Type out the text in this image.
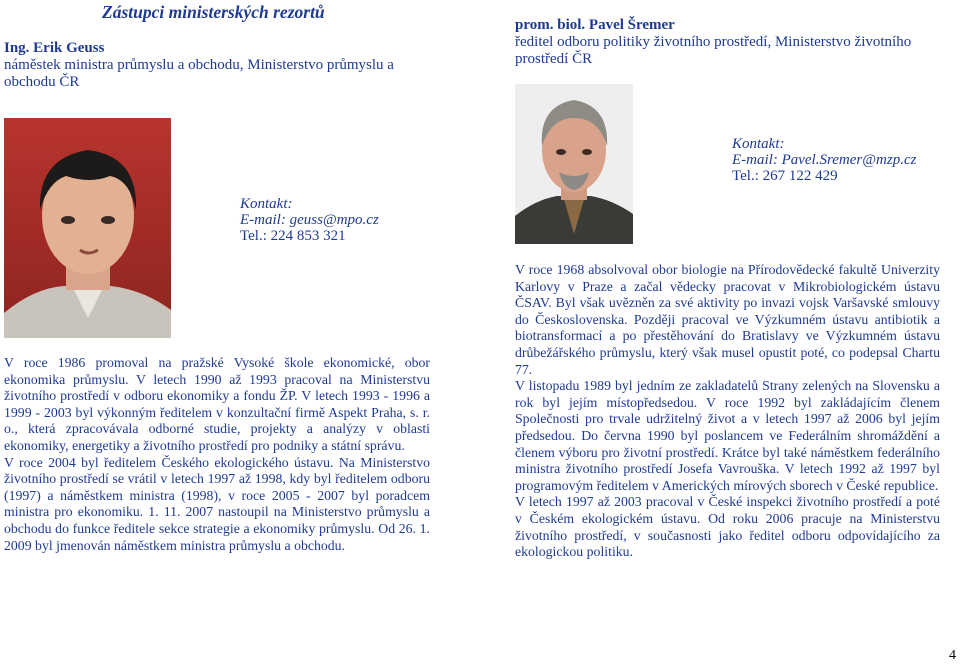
Zástupci ministerských rezortů
Ing. Erik Geuss
náměstek ministra průmyslu a obchodu, Ministerstvo průmyslu a obchodu ČR
Kontakt:
E-mail: geuss@mpo.cz
Tel.: 224 853 321

V roce 1986 promoval na pražské Vysoké škole ekonomické, obor ekonomika průmyslu. V letech 1990 až 1993 pracoval na Ministerstvu životního prostředí v odboru ekonomiky a fondu ŽP. V letech 1993 - 1996 a 1999 - 2003 byl výkonným ředitelem v konzultační firmě Aspekt Praha, s. r. o., která zpracovávala odborné studie, projekty a analýzy v oblasti ekonomiky, energetiky a životního prostředí pro podniky a státní správu.

V roce 2004 byl ředitelem Českého ekologického ústavu. Na Ministerstvo životního prostředí se vrátil v letech 1997 až 1998, kdy byl ředitelem odboru (1997) a náměstkem ministra (1998), v roce 2005 - 2007 byl poradcem ministra pro ekonomiku. 1. 11. 2007 nastoupil na Ministerstvo průmyslu a obchodu do funkce ředitele sekce strategie a ekonomiky průmyslu. Od 26. 1. 2009 byl jmenován náměstkem ministra průmyslu a obchodu.

prom. biol. Pavel Šremer
ředitel odboru politiky životního prostředí, Ministerstvo životního prostředí ČR
Kontakt:
E-mail: Pavel.Sremer@mzp.cz
Tel.: 267 122 429

V roce 1968 absolvoval obor biologie na Přírodovědecké fakultě Univerzity Karlovy v Praze a začal vědecky pracovat v Mikrobiologickém ústavu ČSAV. Byl však uvězněn za své aktivity po invazi vojsk Varšavské smlouvy do Československa. Později pracoval ve Výzkumném ústavu antibiotik a biotransformací a po přestěhování do Bratislavy ve Výzkumném ústavu drůbežářského průmyslu, který však musel opustit poté, co podepsal Chartu 77.

V listopadu 1989 byl jedním ze zakladatelů Strany zelených na Slovensku a rok byl jejím místopředsedou. V roce 1992 byl zakládajícím členem Společnosti pro trvale udržitelný život a v letech 1997 až 2006 byl jejím předsedou. Do června 1990 byl poslancem ve Federálním shromáždění a členem výboru pro životní prostředí. Krátce byl také náměstkem federálního ministra životního prostředí Josefa Vavrouška. V letech 1992 až 1997 byl programovým ředitelem v Amerických mírových sborech v České republice.

V letech 1997 až 2003 pracoval v České inspekci životního prostředí a poté v Českém ekologickém ústavu. Od roku 2006 pracuje na Ministerstvu životního prostředí, v současnosti jako ředitel odboru odpovídajícího za ekologickou politiku.

4
